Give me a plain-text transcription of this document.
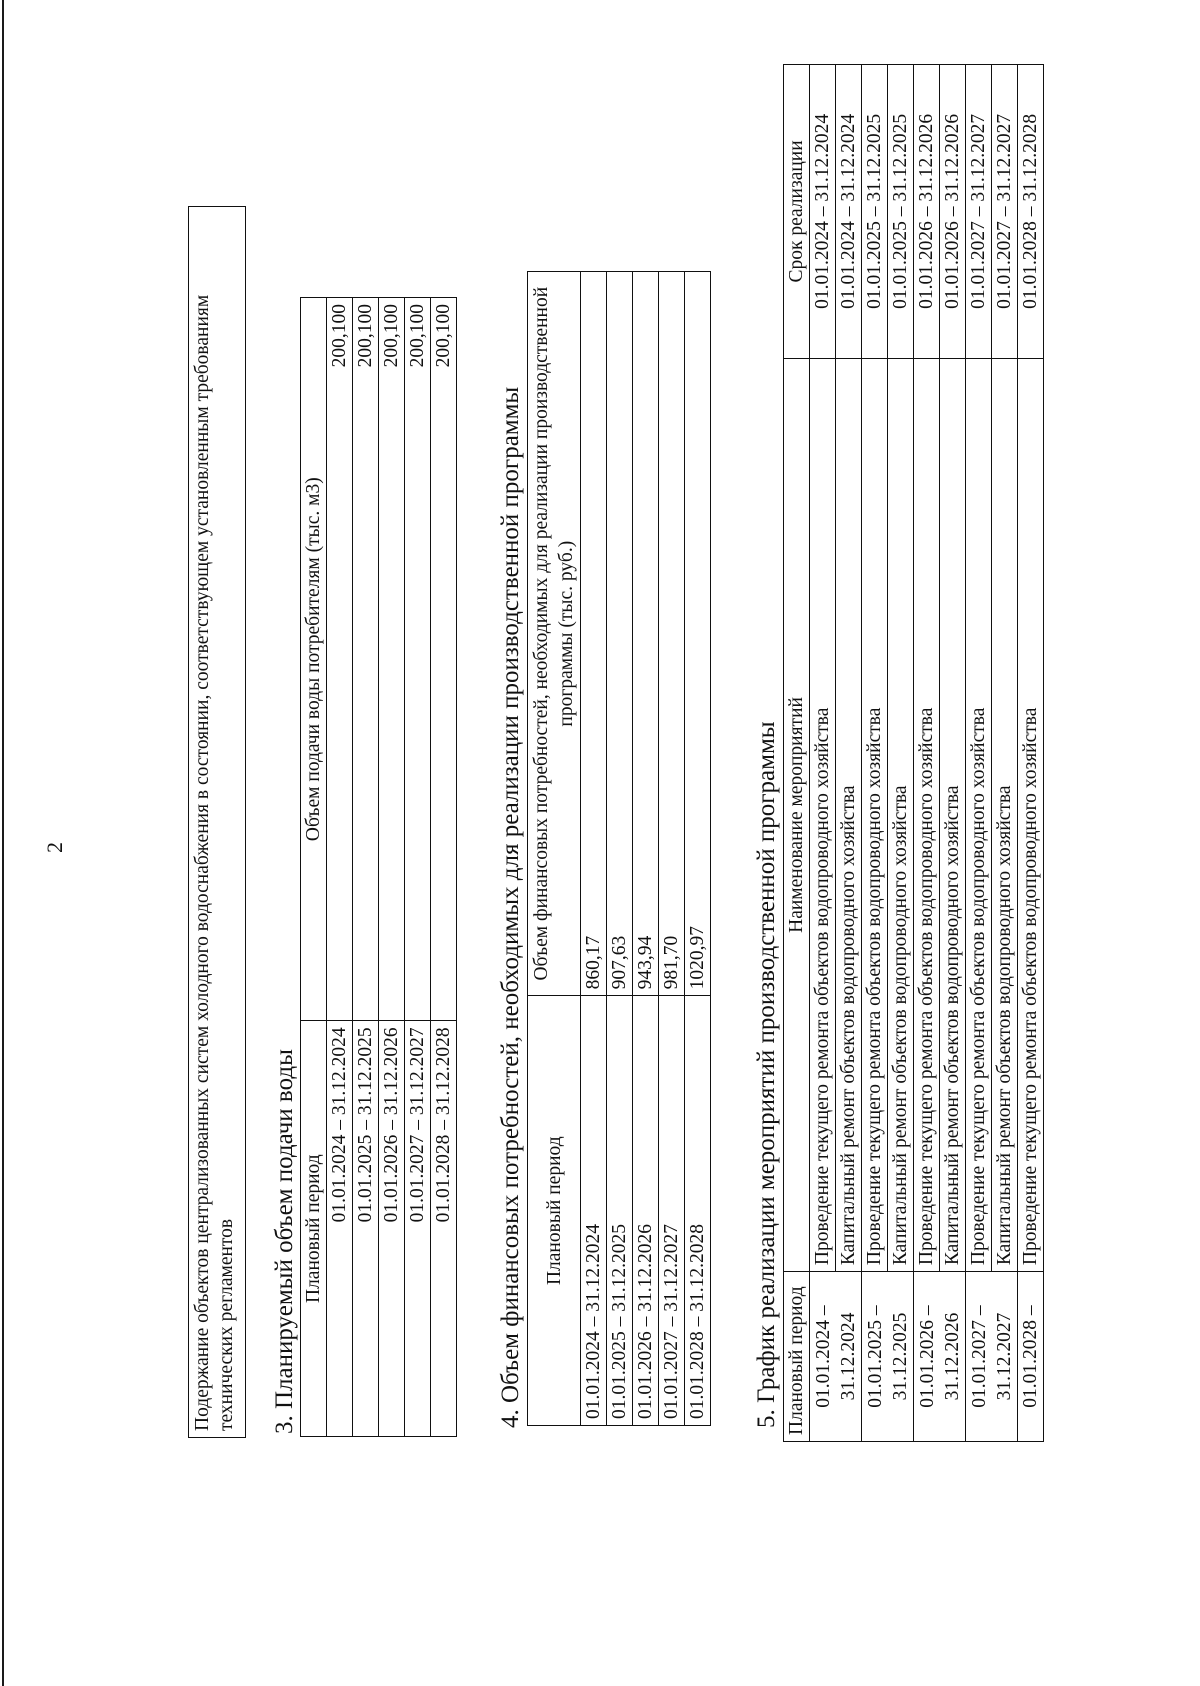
2	Подержание объектов централизованных систем холодного водоснабжения в состоянии, соответствующем установленным требованиям технических регламентов	3. Планируемый объем подачи воды Плановый период	Объем подачи воды потребителям (тыс. м3)
01.01.2024 – 31.12.2024	200,100
01.01.2025 – 31.12.2025	200,100
01.01.2026 – 31.12.2026	200,100
01.01.2027 – 31.12.2027	200,100
01.01.2028 – 31.12.2028	200,100
4. Объем финансовых потребностей, необходимых для реализации производственной программы Плановый период	Объем финансовых потребностей, необходимых для реализации производственной программы (тыс. руб.)
01.01.2024 – 31.12.2024	860,17
01.01.2025 – 31.12.2025	907,63
01.01.2026 – 31.12.2026	943,94
01.01.2027 – 31.12.2027	981,70
01.01.2028 – 31.12.2028	1020,97 5. График реализации мероприятий производственной программы Плановый период	Наименование мероприятий	Срок реализации

01.01.2024 – 31.12.2024	Проведение текущего ремонта объектов водопроводного хозяйства	01.01.2024 – 31.12.2024
	Капитальный ремонт объектов водопроводного хозяйства	01.01.2024 – 31.12.2024

01.01.2025 – 31.12.2025	Проведение текущего ремонта объектов водопроводного хозяйства	01.01.2025 – 31.12.2025
	Капитальный ремонт объектов водопроводного хозяйства	01.01.2025 – 31.12.2025

01.01.2026 – 31.12.2026	Проведение текущего ремонта объектов водопроводного хозяйства	01.01.2026 – 31.12.2026
	Капитальный ремонт объектов водопроводного хозяйства	01.01.2026 – 31.12.2026

01.01.2027 – 31.12.2027	Проведение текущего ремонта объектов водопроводного хозяйства	01.01.2027 – 31.12.2027
	Капитальный ремонт объектов водопроводного хозяйства	01.01.2027 – 31.12.2027

01.01.2028 –	Проведение текущего ремонта объектов водопроводного хозяйства	01.01.2028 – 31.12.2028
